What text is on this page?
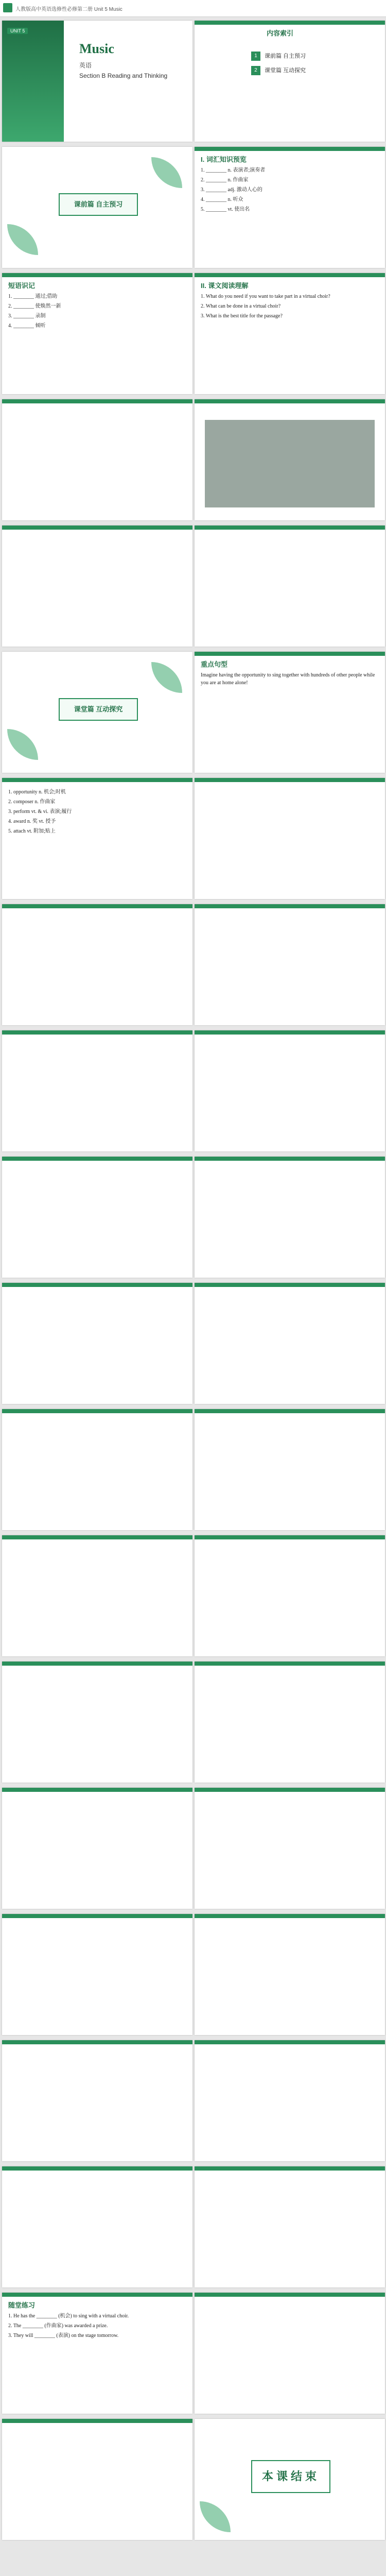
人教版高中英语选修性必修第二册 Unit 5 Music
UNIT 5
Music
英语
Section B Reading and Thinking
内容索引
1	课前篇 自主预习
2	课堂篇 互动探究
课前篇 自主预习
I. 词汇知识预览

1. ________ n. 表演者;演奏者

2. ________ n. 作曲家

3. ________ adj. 激动人心的

4. ________ n. 听众

5. ________ vt. 使出名

短语识记

1. ________ 通过;借助

2. ________ 使焕然一新

3. ________ 录制

4. ________ 倾听

II. 课文阅读理解

1. What do you need if you want to take part in a virtual choir?

2. What can be done in a virtual choir?

3. What is the best title for the passage?

课堂篇 互动探究
重点句型

Imagine having the opportunity to sing together with hundreds of other people while you are at home alone!

1. opportunity n. 机会;时机

2. composer n. 作曲家

3. perform vt. & vi. 表演;履行

4. award n. 奖 vt. 授予

5. attach vt. 附加;贴上

随堂练习

1. He has the ________ (机会) to sing with a virtual choir.

2. The ________ (作曲家) was awarded a prize.

3. They will ________ (表演) on the stage tomorrow.

本课结束
